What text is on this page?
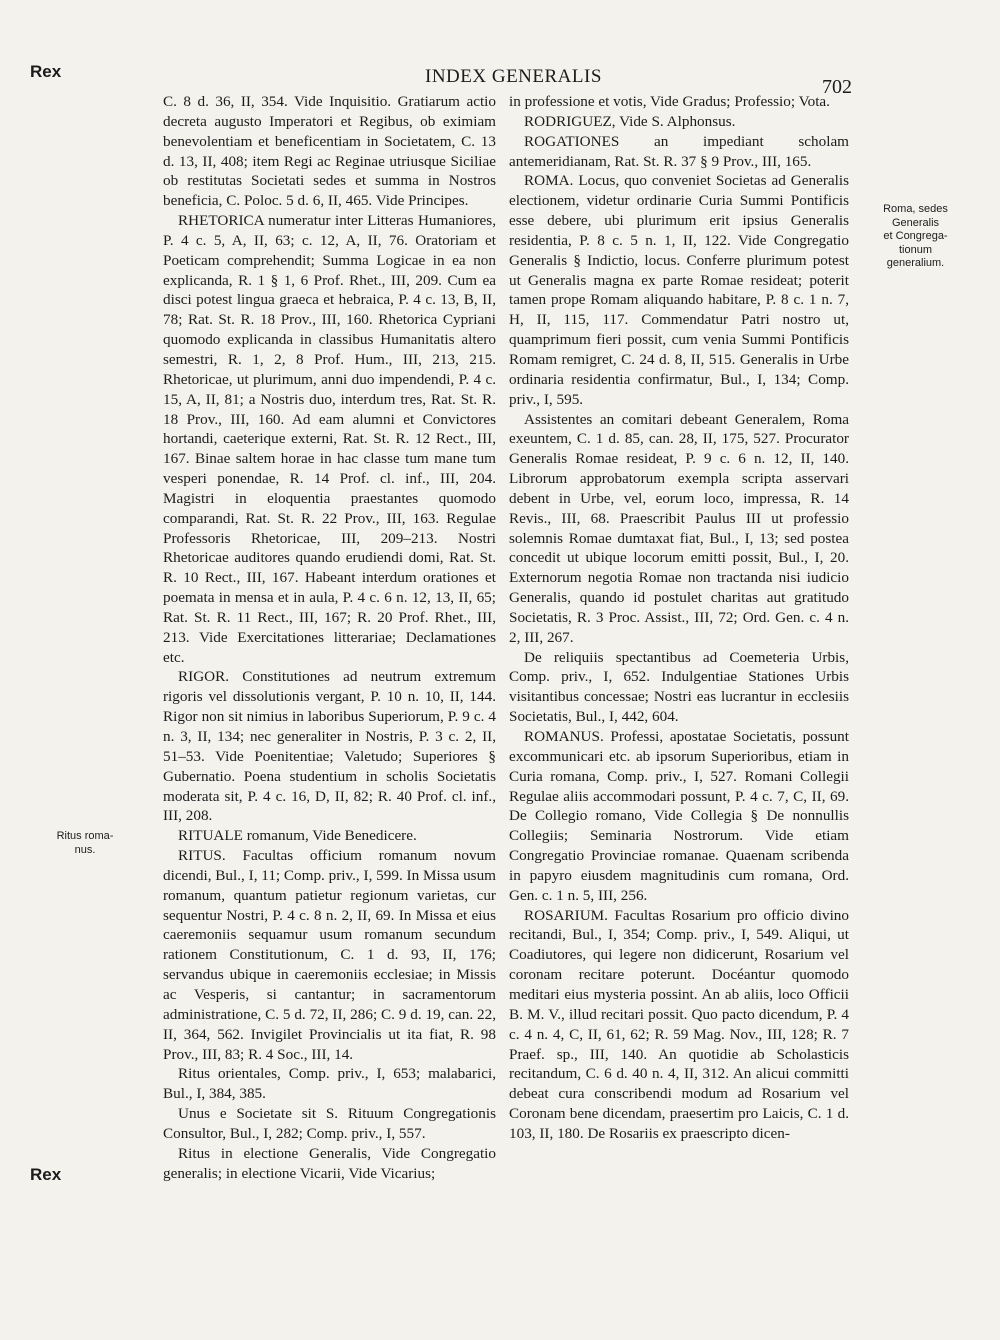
Rex	INDEX GENERALIS	702

C. 8 d. 36, II, 354. Vide Inquisitio. Gratiarum actio decreta augusto Imperatori et Regibus, ob eximiam benevolentiam et beneficentiam in Societatem, C. 13 d. 13, II, 408; item Regi ac Reginae utriusque Siciliae ob restitutas Societati sedes et summa in Nostros beneficia, C. Poloc. 5 d. 6, II, 465. Vide Principes.

RHETORICA numeratur inter Litteras Humaniores, P. 4 c. 5, A, II, 63; c. 12, A, II, 76. Oratoriam et Poeticam comprehendit; Summa Logicae in ea non explicanda, R. 1 § 1, 6 Prof. Rhet., III, 209. Cum ea disci potest lingua graeca et hebraica, P. 4 c. 13, B, II, 78; Rat. St. R. 18 Prov., III, 160. Rhetorica Cypriani quomodo explicanda in classibus Humanitatis altero semestri, R. 1, 2, 8 Prof. Hum., III, 213, 215. Rhetoricae, ut plurimum, anni duo impendendi, P. 4 c. 15, A, II, 81; a Nostris duo, interdum tres, Rat. St. R. 18 Prov., III, 160. Ad eam alumni et Convictores hortandi, caeterique externi, Rat. St. R. 12 Rect., III, 167. Binae saltem horae in hac classe tum mane tum vesperi ponendae, R. 14 Prof. cl. inf., III, 204. Magistri in eloquentia praestantes quomodo comparandi, Rat. St. R. 22 Prov., III, 163. Regulae Professoris Rhetoricae, III, 209–213. Nostri Rhetoricae auditores quando erudiendi domi, Rat. St. R. 10 Rect., III, 167. Habeant interdum orationes et poemata in mensa et in aula, P. 4 c. 6 n. 12, 13, II, 65; Rat. St. R. 11 Rect., III, 167; R. 20 Prof. Rhet., III, 213. Vide Exercitationes litterariae; Declamationes etc.

RIGOR. Constitutiones ad neutrum extremum rigoris vel dissolutionis vergant, P. 10 n. 10, II, 144. Rigor non sit nimius in laboribus Superiorum, P. 9 c. 4 n. 3, II, 134; nec generaliter in Nostris, P. 3 c. 2, II, 51–53. Vide Poenitentiae; Valetudo; Superiores § Gubernatio. Poena studentium in scholis Societatis moderata sit, P. 4 c. 16, D, II, 82; R. 40 Prof. cl. inf., III, 208.

RITUALE romanum, Vide Benedicere.

RITUS. Facultas officium romanum novum dicendi, Bul., I, 11; Comp. priv., I, 599. In Missa usum romanum, quantum patietur regionum varietas, cur sequentur Nostri, P. 4 c. 8 n. 2, II, 69. In Missa et eius caeremoniis sequamur usum romanum secundum rationem Constitutionum, C. 1 d. 93, II, 176; servandus ubique in caeremoniis ecclesiae; in Missis ac Vesperis, si cantantur; in sacramentorum administratione, C. 5 d. 72, II, 286; C. 9 d. 19, can. 22, II, 364, 562. Invigilet Provincialis ut ita fiat, R. 98 Prov., III, 83; R. 4 Soc., III, 14.

Ritus orientales, Comp. priv., I, 653; malabarici, Bul., I, 384, 385.

Unus e Societate sit S. Rituum Congregationis Consultor, Bul., I, 282; Comp. priv., I, 557.

Ritus in electione Generalis, Vide Congregatio generalis; in electione Vicarii, Vide Vicarius;

in professione et votis, Vide Gradus; Professio; Vota.

RODRIGUEZ, Vide S. Alphonsus.

ROGATIONES an impediant scholam antemeridianam, Rat. St. R. 37 § 9 Prov., III, 165.

ROMA. Locus, quo conveniet Societas ad Generalis electionem, videtur ordinarie Curia Summi Pontificis esse debere, ubi plurimum erit ipsius Generalis residentia, P. 8 c. 5 n. 1, II, 122. Vide Congregatio Generalis § Indictio, locus. Conferre plurimum potest ut Generalis magna ex parte Romae resideat; poterit tamen prope Romam aliquando habitare, P. 8 c. 1 n. 7, H, II, 115, 117. Commendatur Patri nostro ut, quamprimum fieri possit, cum venia Summi Pontificis Romam remigret, C. 24 d. 8, II, 515. Generalis in Urbe ordinaria residentia confirmatur, Bul., I, 134; Comp. priv., I, 595.

Assistentes an comitari debeant Generalem, Roma exeuntem, C. 1 d. 85, can. 28, II, 175, 527. Procurator Generalis Romae resideat, P. 9 c. 6 n. 12, II, 140. Librorum approbatorum exempla scripta asservari debent in Urbe, vel, eorum loco, impressa, R. 14 Revis., III, 68. Praescribit Paulus III ut professio solemnis Romae dumtaxat fiat, Bul., I, 13; sed postea concedit ut ubique locorum emitti possit, Bul., I, 20. Externorum negotia Romae non tractanda nisi iudicio Generalis, quando id postulet charitas aut gratitudo Societatis, R. 3 Proc. Assist., III, 72; Ord. Gen. c. 4 n. 2, III, 267.

De reliquiis spectantibus ad Coemeteria Urbis, Comp. priv., I, 652. Indulgentiae Stationes Urbis visitantibus concessae; Nostri eas lucrantur in ecclesiis Societatis, Bul., I, 442, 604.

ROMANUS. Professi, apostatae Societatis, possunt excommunicari etc. ab ipsorum Superioribus, etiam in Curia romana, Comp. priv., I, 527. Romani Collegii Regulae aliis accommodari possunt, P. 4 c. 7, C, II, 69. De Collegio romano, Vide Collegia § De nonnullis Collegiis; Seminaria Nostrorum. Vide etiam Congregatio Provinciae romanae. Quaenam scribenda in papyro eiusdem magnitudinis cum romana, Ord. Gen. c. 1 n. 5, III, 256.

ROSARIUM. Facultas Rosarium pro officio divino recitandi, Bul., I, 354; Comp. priv., I, 549. Aliqui, ut Coadiutores, qui legere non didicerunt, Rosarium vel coronam recitare poterunt. Docéantur quomodo meditari eius mysteria possint. An ab aliis, loco Officii B. M. V., illud recitari possit. Quo pacto dicendum, P. 4 c. 4 n. 4, C, II, 61, 62; R. 59 Mag. Nov., III, 128; R. 7 Praef. sp., III, 140. An quotidie ab Scholasticis recitandum, C. 6 d. 40 n. 4, II, 312. An alicui committi debeat cura conscribendi modum ad Rosarium vel Coronam bene dicendam, praesertim pro Laicis, C. 1 d. 103, II, 180. De Rosariis ex praescripto dicen-

Roma, sedes
Generalis
et Congrega-
tionum
generalium.
Ritus roma-
nus.
Rex
